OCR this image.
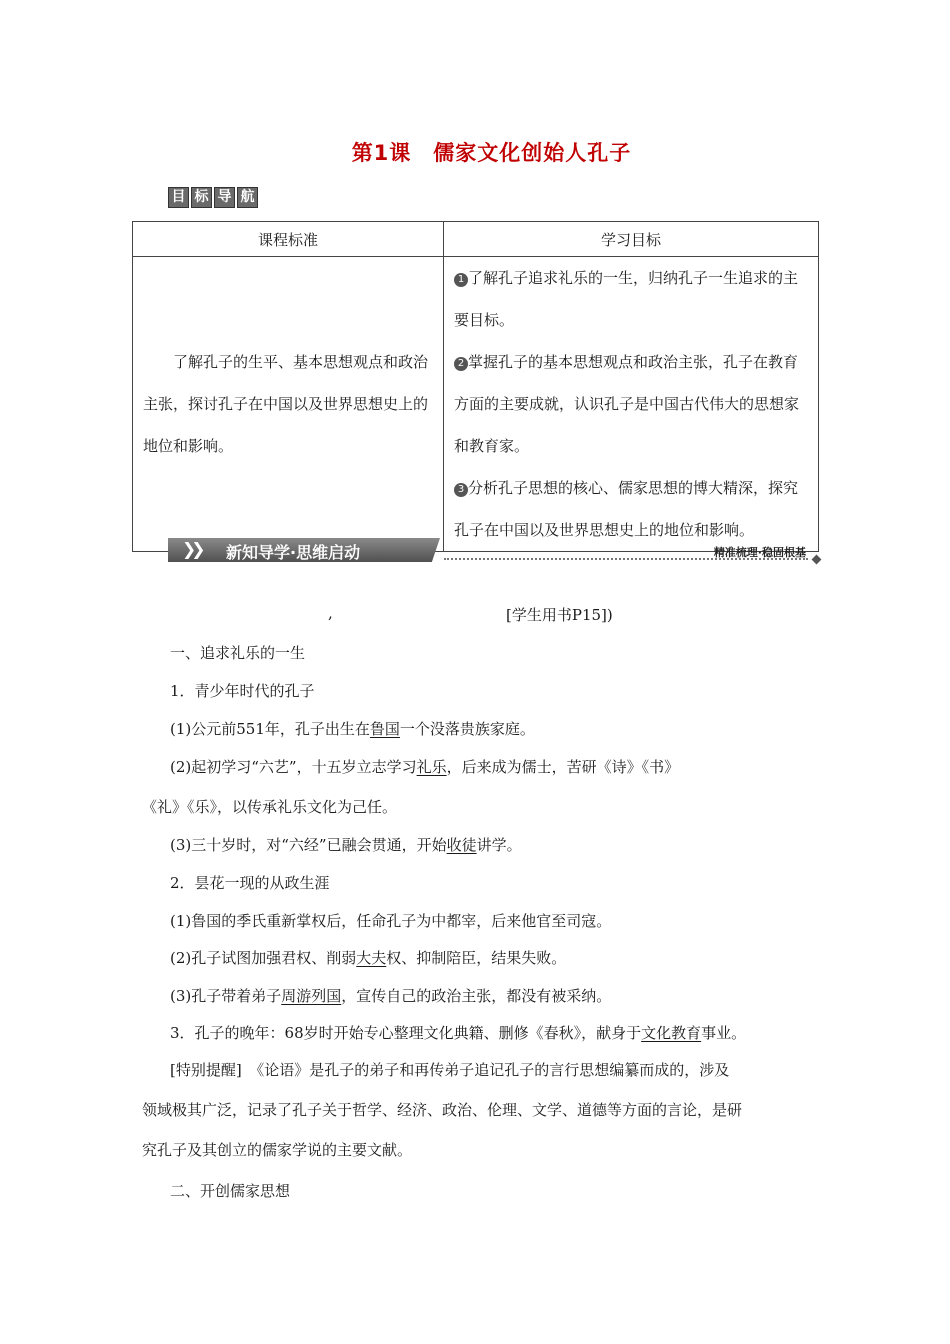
第1课　儒家文化创始人孔子
目 标 导 航
课程标准	学习目标

了解孔子的生平、基本思想观点和政治主张，探讨孔子在中国以及世界思想史上的地位和影响。	1 了解孔子追求礼乐的一生，归纳孔子一生追求的主要目标。

2 掌握孔子的基本思想观点和政治主张，孔子在教育方面的主要成就，认识孔子是中国古代伟大的思想家和教育家。

3 分析孔子思想的核心、儒家思想的博大精深，探究孔子在中国以及世界思想史上的地位和影响。

❯❯ 新知导学·思维启动	精准梳理·稳固根基
,	[学生用书P15])
一、追求礼乐的一生
1．青少年时代的孔子
(1)公元前551年，孔子出生在鲁国一个没落贵族家庭。
(2)起初学习“六艺”，十五岁立志学习礼乐，后来成为儒士，苦研《诗》《书》
《礼》《乐》，以传承礼乐文化为己任。
(3)三十岁时，对“六经”已融会贯通，开始收徒讲学。
2．昙花一现的从政生涯
(1)鲁国的季氏重新掌权后，任命孔子为中都宰，后来他官至司寇。
(2)孔子试图加强君权、削弱大夫权、抑制陪臣，结果失败。
(3)孔子带着弟子周游列国，宣传自己的政治主张，都没有被采纳。
3．孔子的晚年：68岁时开始专心整理文化典籍、删修《春秋》，献身于文化教育事业。
[特别提醒]　《论语》是孔子的弟子和再传弟子追记孔子的言行思想编纂而成的，涉及
领域极其广泛，记录了孔子关于哲学、经济、政治、伦理、文学、道德等方面的言论，是研
究孔子及其创立的儒家学说的主要文献。
二、开创儒家思想
